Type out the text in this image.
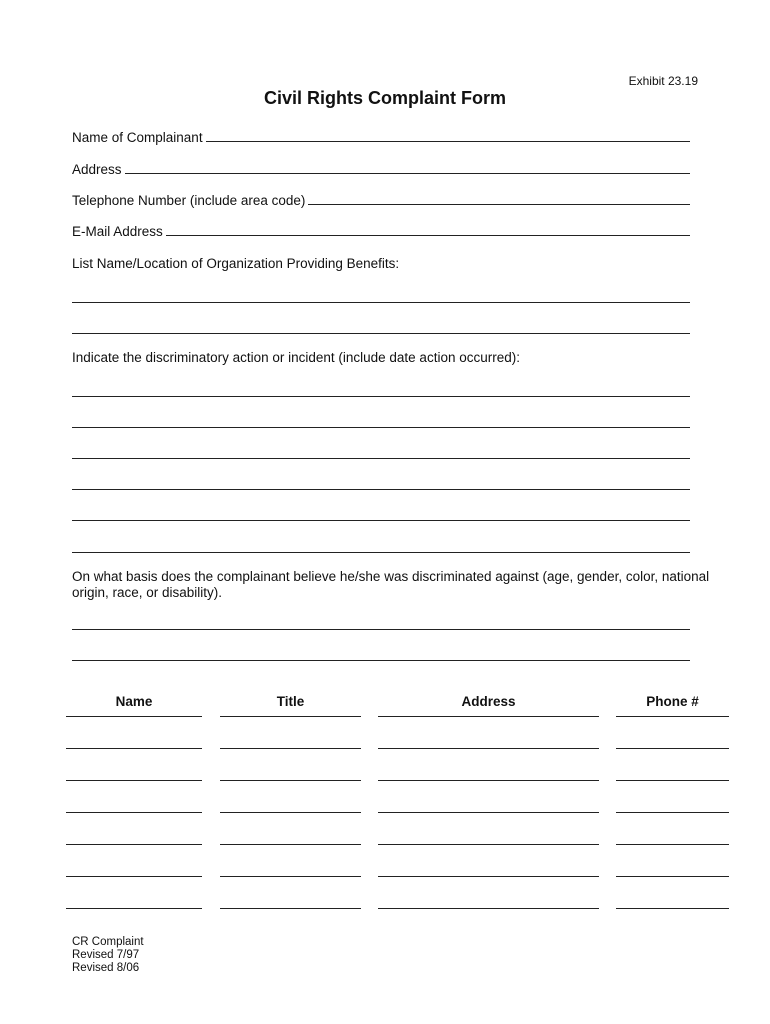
Exhibit 23.19
Civil Rights Complaint Form
Name of Complainant
Address
Telephone Number (include area code)
E-Mail Address
List Name/Location of Organization Providing Benefits:
Indicate the discriminatory action or incident (include date action occurred):
On what basis does the complainant believe he/she was discriminated against (age, gender, color, national origin, race, or disability).
Name	Title	Address	Phone #
CR Complaint
Revised 7/97
Revised 8/06
